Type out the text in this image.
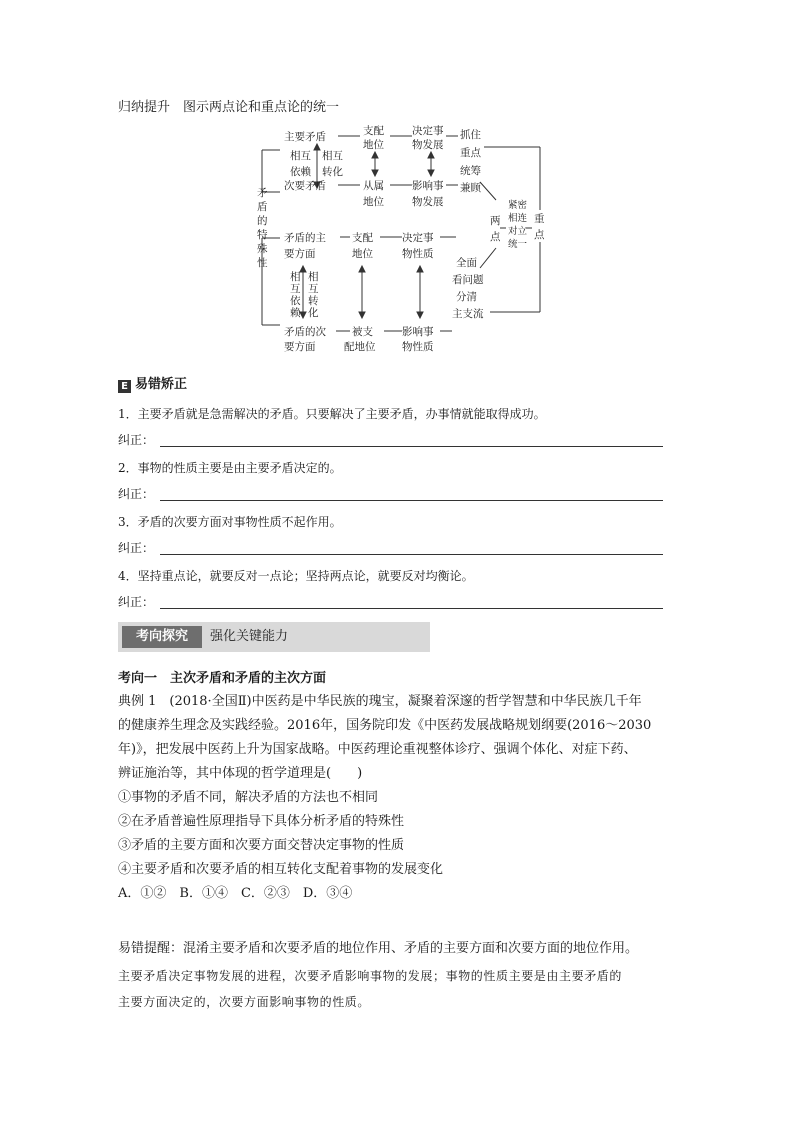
归纳提升　图示两点论和重点论的统一
矛
盾
的
特
殊
性
主要矛盾
次要矛盾
相互
依赖
相互
转化
支配
地位
从属
地位
决定事
物发展
影响事
物发展
抓住
重点
统筹
兼顾
矛盾的主
要方面
矛盾的次
要方面
相
互
依
赖
相
互
转
化
支配
地位
被支
配地位
决定事
物性质
影响事
物性质
全面
看问题
分清
主支流
两
点
紧密
相连
对立
统一
重
点
E 易错矫正
1．主要矛盾就是急需解决的矛盾。只要解决了主要矛盾，办事情就能取得成功。
纠正：
2．事物的性质主要是由主要矛盾决定的。
纠正：
3．矛盾的次要方面对事物性质不起作用。
纠正：
4．坚持重点论，就要反对一点论；坚持两点论，就要反对均衡论。
纠正：
考向探究	强化关键能力
考向一　主次矛盾和矛盾的主次方面
典例 1　(2018·全国Ⅱ)中医药是中华民族的瑰宝，凝聚着深邃的哲学智慧和中华民族几千年
的健康养生理念及实践经验。2016年，国务院印发《中医药发展战略规划纲要(2016～2030
年)》，把发展中医药上升为国家战略。中医药理论重视整体诊疗、强调个体化、对症下药、
辨证施治等，其中体现的哲学道理是(　　)
①事物的矛盾不同，解决矛盾的方法也不相同
②在矛盾普遍性原理指导下具体分析矛盾的特殊性
③矛盾的主要方面和次要方面交替决定事物的性质
④主要矛盾和次要矛盾的相互转化支配着事物的发展变化
A．①②　B．①④　C．②③　D．③④
易错提醒：混淆主要矛盾和次要矛盾的地位作用、矛盾的主要方面和次要方面的地位作用。
主要矛盾决定事物发展的进程，次要矛盾影响事物的发展；事物的性质主要是由主要矛盾的
主要方面决定的，次要方面影响事物的性质。
